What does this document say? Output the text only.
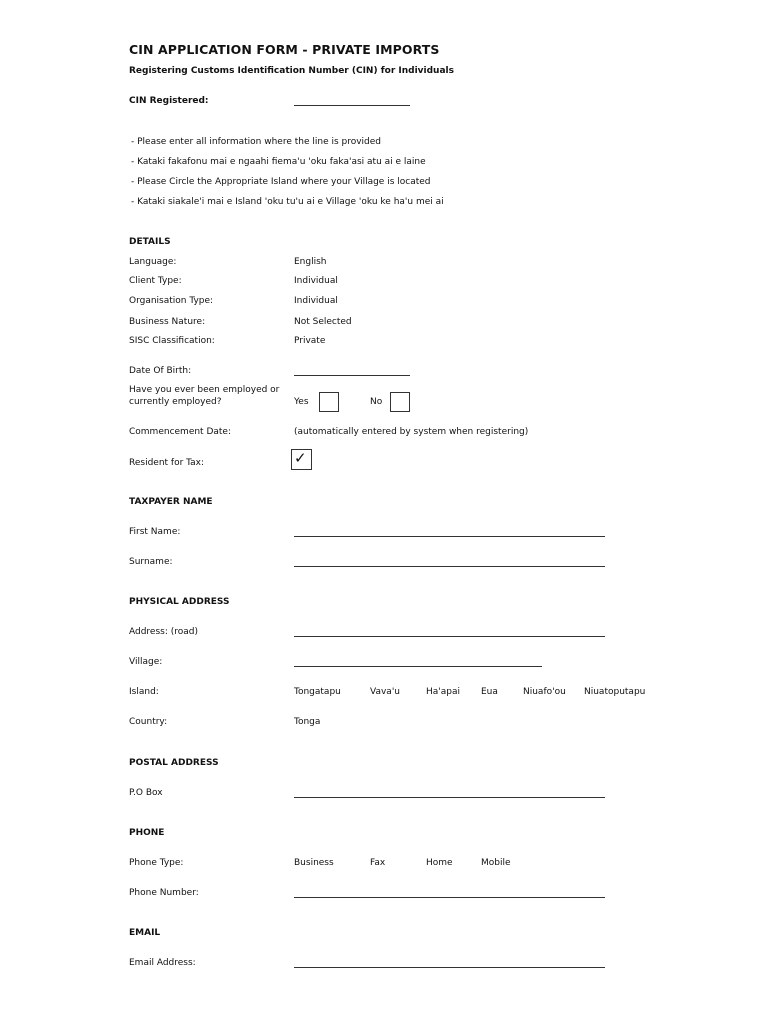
CIN APPLICATION FORM - PRIVATE IMPORTS
Registering Customs Identification Number (CIN) for Individuals
CIN Registered:
- Please enter all information where the line is provided
- Kataki fakafonu mai e ngaahi fiema'u 'oku faka'asi atu ai e laine
- Please Circle the Appropriate Island where your Village is located
- Kataki siakale'i mai e Island 'oku tu'u ai e Village 'oku ke ha'u mei ai
DETAILS
Language:	English
Client Type:	Individual
Organisation Type:	Individual
Business Nature:	Not Selected
SISC Classification:	Private
Date Of Birth:
Have you ever been employed or
currently employed?	Yes	No
Commencement Date:	(automatically entered by system when registering)
Resident for Tax:	✓
TAXPAYER NAME
First Name:
Surname:
PHYSICAL ADDRESS
Address: (road)
Village:
Island:	Tongatapu	Vava'u	Ha'apai Eua	Niuafo'ou Niuatoputapu
Country:	Tonga
POSTAL ADDRESS
P.O Box
PHONE
Phone Type:	Business	Fax	Home	Mobile
Phone Number:
EMAIL
Email Address:
